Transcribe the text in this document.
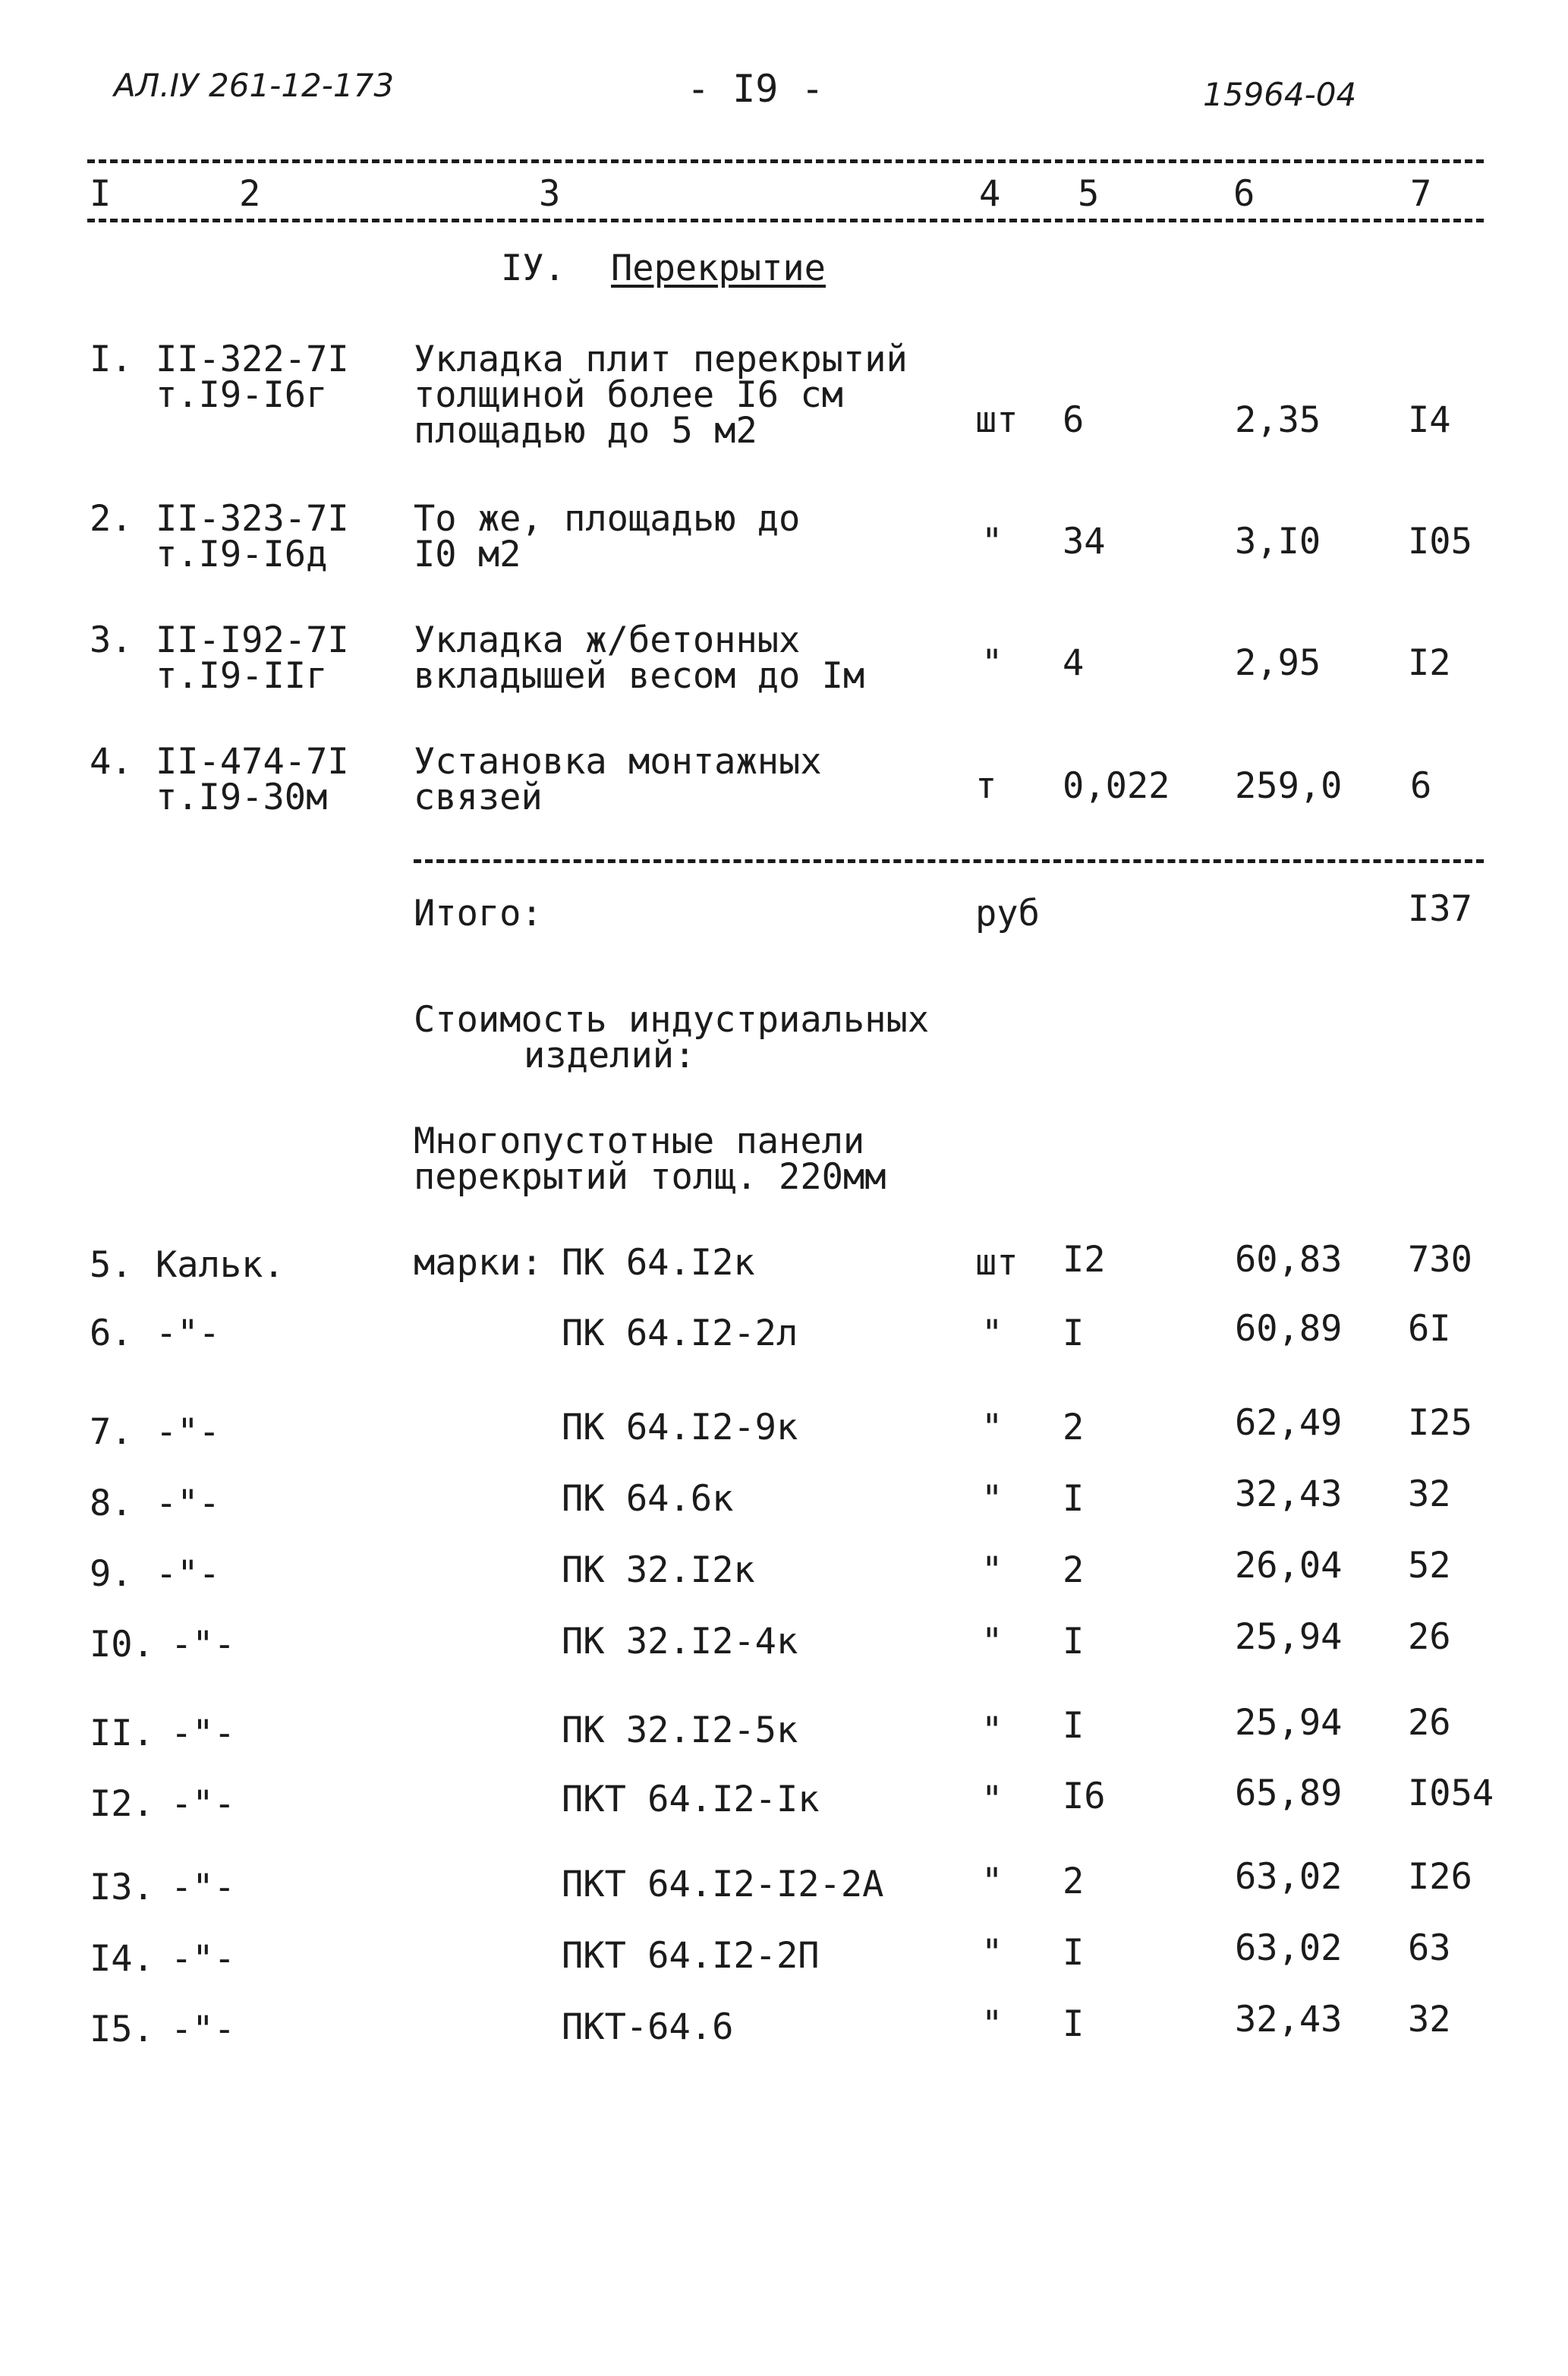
АЛ.IУ 261-12-173	- I9 -	15964-04
I	2	3	4 5	6	7
IУ. Перекрытие
I. II-322-7I
т.I9-I6г
Укладка плит перекрытий
толщиной более I6 см
площадью до 5 м2	шт 6	2,35 I4
2. II-323-7I
т.I9-I6д
То же, площадью до
I0 м2	" 34	3,I0 I05
3. II-I92-7I
т.I9-IIг
Укладка ж/бетонных
вкладышей весом до Iм	" 4	2,95 I2
4. II-474-7I
т.I9-30м
Установка монтажных
связей	т 0,022 259,0 6
Итого:	руб	I37
Стоимость индустриальных
изделий:
Многопустотные панели
перекрытий толщ. 220мм
марки:
5. Кальк.	ПК 64.I2к	шт I2	60,83 730
6. -"-	ПК 64.I2-2л	" I	60,89 6I
7. -"-	ПК 64.I2-9к	" 2	62,49 I25
8. -"-	ПК 64.6к	" I	32,43 32
9. -"-	ПК 32.I2к	" 2	26,04 52
I0. -"-	ПК 32.I2-4к	" I	25,94 26
II. -"-	ПК 32.I2-5к	" I	25,94 26
I2. -"-	ПКТ 64.I2-Iк	" I6	65,89 I054
I3. -"-	ПКТ 64.I2-I2-2А	" 2	63,02 I26
I4. -"-	ПКТ 64.I2-2П	" I	63,02 63
I5. -"-	ПКТ-64.6	" I	32,43 32
